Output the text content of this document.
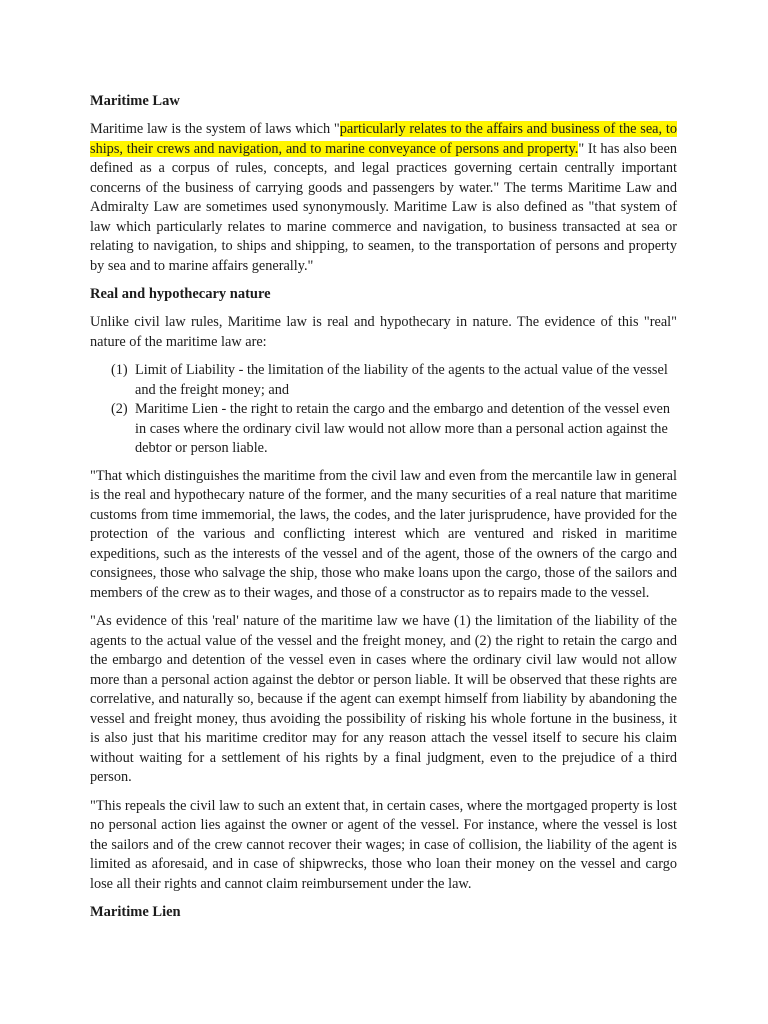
Maritime Law

Maritime law is the system of laws which "particularly relates to the affairs and business of the sea, to ships, their crews and navigation, and to marine conveyance of persons and property." It has also been defined as a corpus of rules, concepts, and legal practices governing certain centrally important concerns of the business of carrying goods and passengers by water." The terms Maritime Law and Admiralty Law are sometimes used synonymously. Maritime Law is also defined as "that system of law which particularly relates to marine commerce and navigation, to business transacted at sea or relating to navigation, to ships and shipping, to seamen, to the transportation of persons and property by sea and to marine affairs generally."

Real and hypothecary nature

Unlike civil law rules, Maritime law is real and hypothecary in nature. The evidence of this "real" nature of the maritime law are:

(1) Limit of Liability - the limitation of the liability of the agents to the actual value of the vessel and the freight money; and
(2) Maritime Lien - the right to retain the cargo and the embargo and detention of the vessel even in cases where the ordinary civil law would not allow more than a personal action against the debtor or person liable.

"That which distinguishes the maritime from the civil law and even from the mercantile law in general is the real and hypothecary nature of the former, and the many securities of a real nature that maritime customs from time immemorial, the laws, the codes, and the later jurisprudence, have provided for the protection of the various and conflicting interest which are ventured and risked in maritime expeditions, such as the interests of the vessel and of the agent, those of the owners of the cargo and consignees, those who salvage the ship, those who make loans upon the cargo, those of the sailors and members of the crew as to their wages, and those of a constructor as to repairs made to the vessel.

"As evidence of this 'real' nature of the maritime law we have (1) the limitation of the liability of the agents to the actual value of the vessel and the freight money, and (2) the right to retain the cargo and the embargo and detention of the vessel even in cases where the ordinary civil law would not allow more than a personal action against the debtor or person liable. It will be observed that these rights are correlative, and naturally so, because if the agent can exempt himself from liability by abandoning the vessel and freight money, thus avoiding the possibility of risking his whole fortune in the business, it is also just that his maritime creditor may for any reason attach the vessel itself to secure his claim without waiting for a settlement of his rights by a final judgment, even to the prejudice of a third person.

"This repeals the civil law to such an extent that, in certain cases, where the mortgaged property is lost no personal action lies against the owner or agent of the vessel. For instance, where the vessel is lost the sailors and of the crew cannot recover their wages; in case of collision, the liability of the agent is limited as aforesaid, and in case of shipwrecks, those who loan their money on the vessel and cargo lose all their rights and cannot claim reimbursement under the law.

Maritime Lien
